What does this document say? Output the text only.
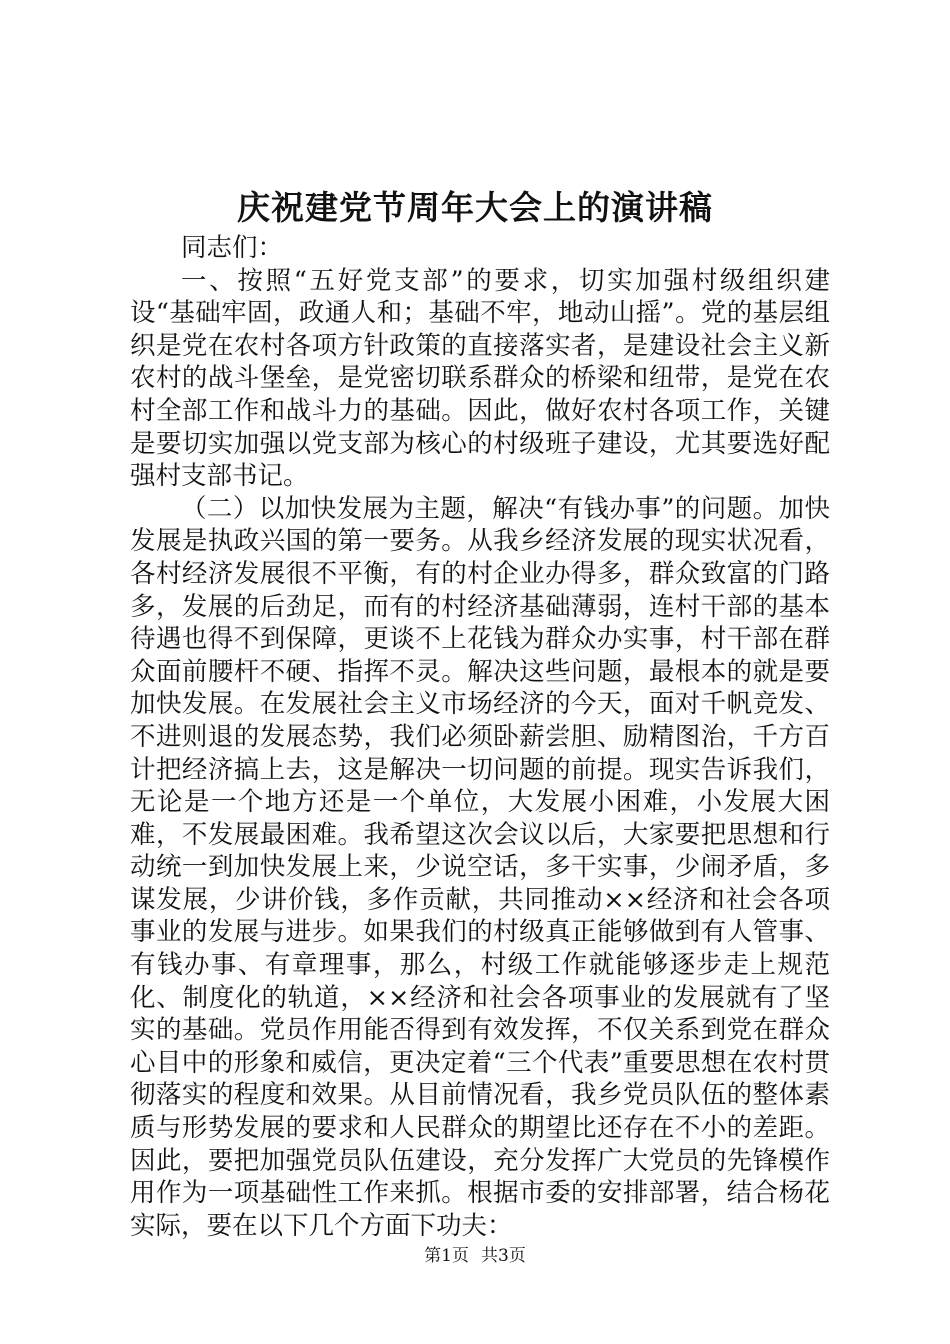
庆祝建党节周年大会上的演讲稿

同志们：

一、按照“五好党支部”的要求，切实加强村级组织建设“基础牢固，政通人和；基础不牢，地动山摇”。党的基层组织是党在农村各项方针政策的直接落实者，是建设社会主义新农村的战斗堡垒，是党密切联系群众的桥梁和纽带，是党在农村全部工作和战斗力的基础。因此，做好农村各项工作，关键是要切实加强以党支部为核心的村级班子建设，尤其要选好配强村支部书记。

（二）以加快发展为主题，解决“有钱办事”的问题。加快发展是执政兴国的第一要务。从我乡经济发展的现实状况看，各村经济发展很不平衡，有的村企业办得多，群众致富的门路多，发展的后劲足，而有的村经济基础薄弱，连村干部的基本待遇也得不到保障，更谈不上花钱为群众办实事，村干部在群众面前腰杆不硬、指挥不灵。解决这些问题，最根本的就是要加快发展。在发展社会主义市场经济的今天，面对千帆竞发、不进则退的发展态势，我们必须卧薪尝胆、励精图治，千方百计把经济搞上去，这是解决一切问题的前提。现实告诉我们，无论是一个地方还是一个单位，大发展小困难，小发展大困难，不发展最困难。我希望这次会议以后，大家要把思想和行动统一到加快发展上来，少说空话，多干实事，少闹矛盾，多谋发展，少讲价钱，多作贡献，共同推动××经济和社会各项事业的发展与进步。如果我们的村级真正能够做到有人管事、有钱办事、有章理事，那么，村级工作就能够逐步走上规范化、制度化的轨道，××经济和社会各项事业的发展就有了坚实的基础。党员作用能否得到有效发挥，不仅关系到党在群众心目中的形象和威信，更决定着“三个代表”重要思想在农村贯彻落实的程度和效果。从目前情况看，我乡党员队伍的整体素质与形势发展的要求和人民群众的期望比还存在不小的差距。因此，要把加强党员队伍建设，充分发挥广大党员的先锋模作用作为一项基础性工作来抓。根据市委的安排部署，结合杨花实际，要在以下几个方面下功夫：

第1页 共3页
